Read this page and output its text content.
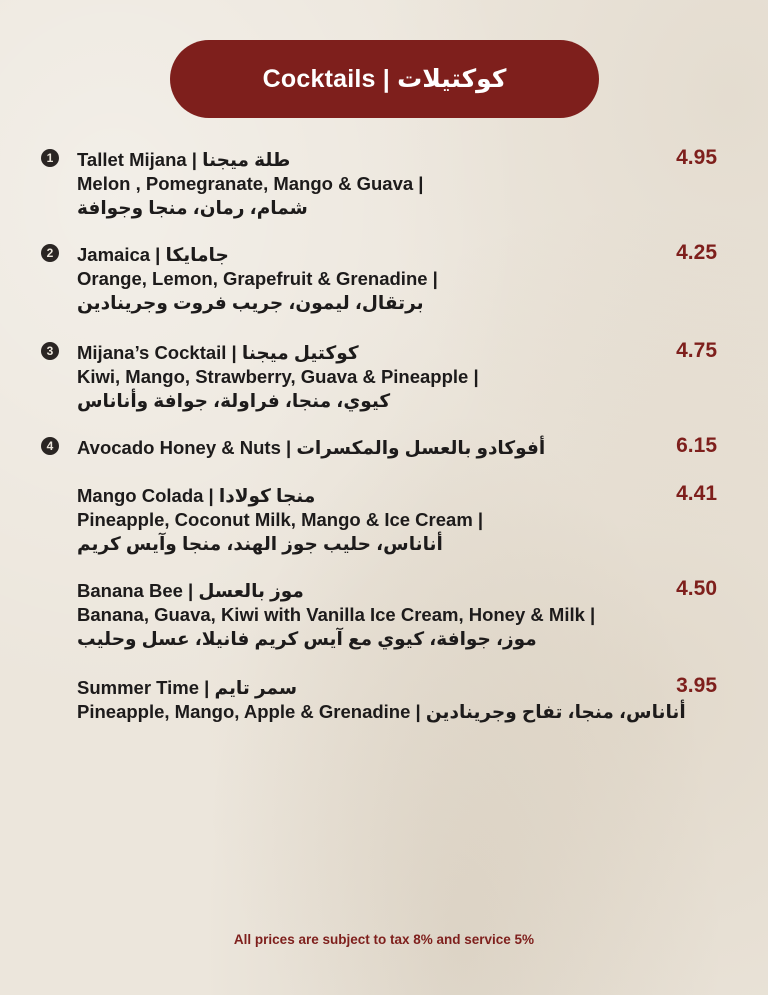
Cocktails | كوكتيلات
1	Tallet Mijana | طلة ميجنا
Melon , Pomegranate, Mango & Guava |
شمام، رمان، منجا وجوافة
4.95
2	Jamaica | جامايكا
Orange, Lemon, Grapefruit & Grenadine |
برتقال، ليمون، جريب فروت وجرينادين
4.25
3	Mijana’s Cocktail | كوكتيل ميجنا
Kiwi, Mango, Strawberry, Guava & Pineapple |
كيوي، منجا، فراولة، جوافة وأناناس
4.75
4	Avocado Honey & Nuts | أفوكادو بالعسل والمكسرات	6.15
Mango Colada | منجا كولادا
Pineapple, Coconut Milk, Mango & Ice Cream |
أناناس، حليب جوز الهند، منجا وآيس كريم
4.41
Banana Bee | موز بالعسل
Banana, Guava, Kiwi with Vanilla Ice Cream, Honey & Milk |
موز، جوافة، كيوي مع آيس كريم فانيلا، عسل وحليب
4.50
Summer Time | سمر تايم
Pineapple, Mango, Apple & Grenadine | أناناس، منجا، تفاح وجرينادين
3.95
All prices are subject to tax 8% and service 5%
